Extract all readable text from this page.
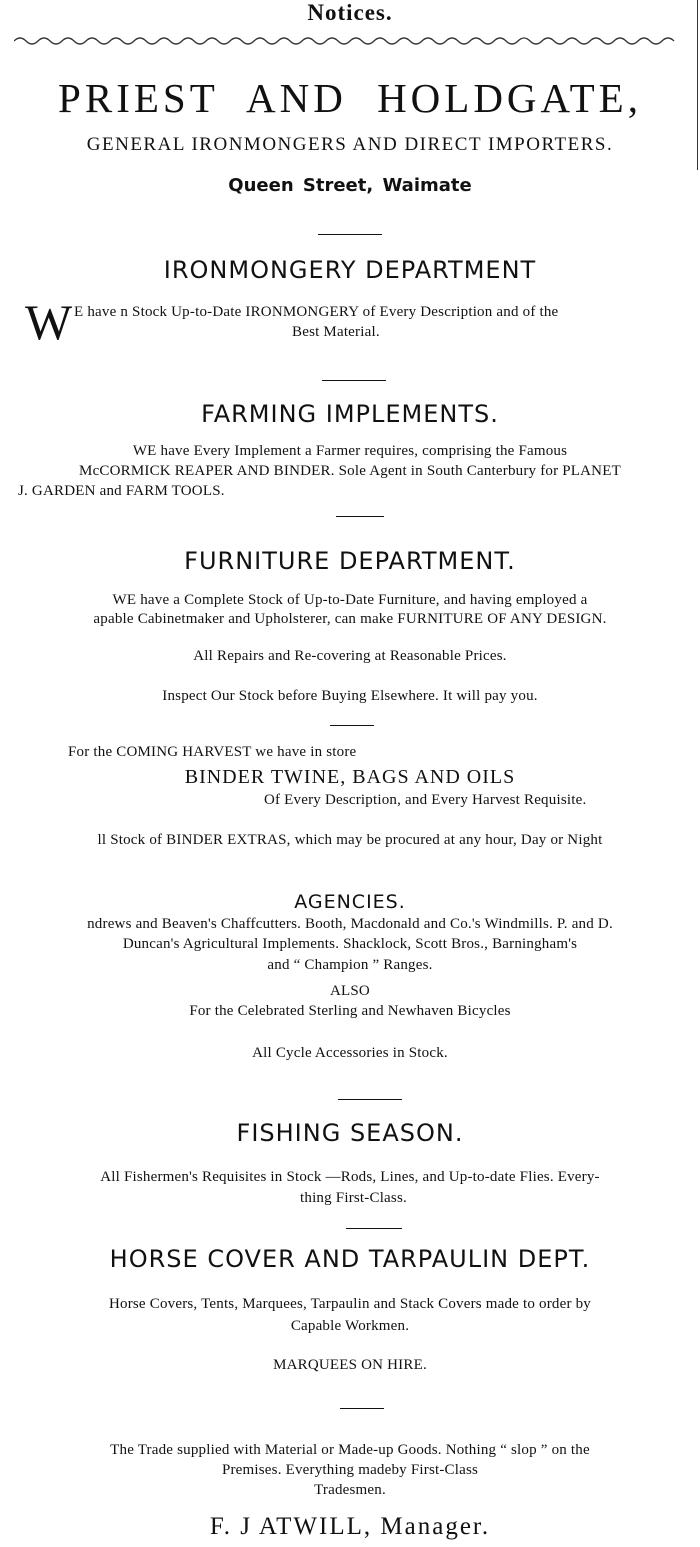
Notices.
PRIEST AND HOLDGATE,
GENERAL IRONMONGERS AND DIRECT IMPORTERS.
Queen Street, Waimate
IRONMONGERY DEPARTMENT
W E have n Stock Up-to-Date IRONMONGERY of Every Description and of the
Best Material.
FARMING IMPLEMENTS.
WE have Every Implement a Farmer requires, comprising the Famous
McCORMICK REAPER AND BINDER. Sole Agent in South Canterbury for PLANET
J. GARDEN and FARM TOOLS.
FURNITURE DEPARTMENT.
WE have a Complete Stock of Up-to-Date Furniture, and having employed a
apable Cabinetmaker and Upholsterer, can make FURNITURE OF ANY DESIGN.
All Repairs and Re-covering at Reasonable Prices.
Inspect Our Stock before Buying Elsewhere. It will pay you.
For the COMING HARVEST we have in store
BINDER TWINE, BAGS AND OILS
Of Every Description, and Every Harvest Requisite.
ll Stock of BINDER EXTRAS, which may be procured at any hour, Day or Night
AGENCIES.
ndrews and Beaven's Chaffcutters. Booth, Macdonald and Co.'s Windmills. P. and D.
Duncan's Agricultural Implements. Shacklock, Scott Bros., Barningham's
and “ Champion ” Ranges.
ALSO
For the Celebrated Sterling and Newhaven Bicycles
All Cycle Accessories in Stock.
FISHING SEASON.
All Fishermen's Requisites in Stock —Rods, Lines, and Up-to-date Flies. Every-
thing First-Class.
HORSE COVER AND TARPAULIN DEPT.
Horse Covers, Tents, Marquees, Tarpaulin and Stack Covers made to order by
Capable Workmen.
MARQUEES ON HIRE.
The Trade supplied with Material or Made-up Goods. Nothing “ slop ” on the
Premises. Everything madeby First-Class
Tradesmen.
F. J ATWILL, Manager.
